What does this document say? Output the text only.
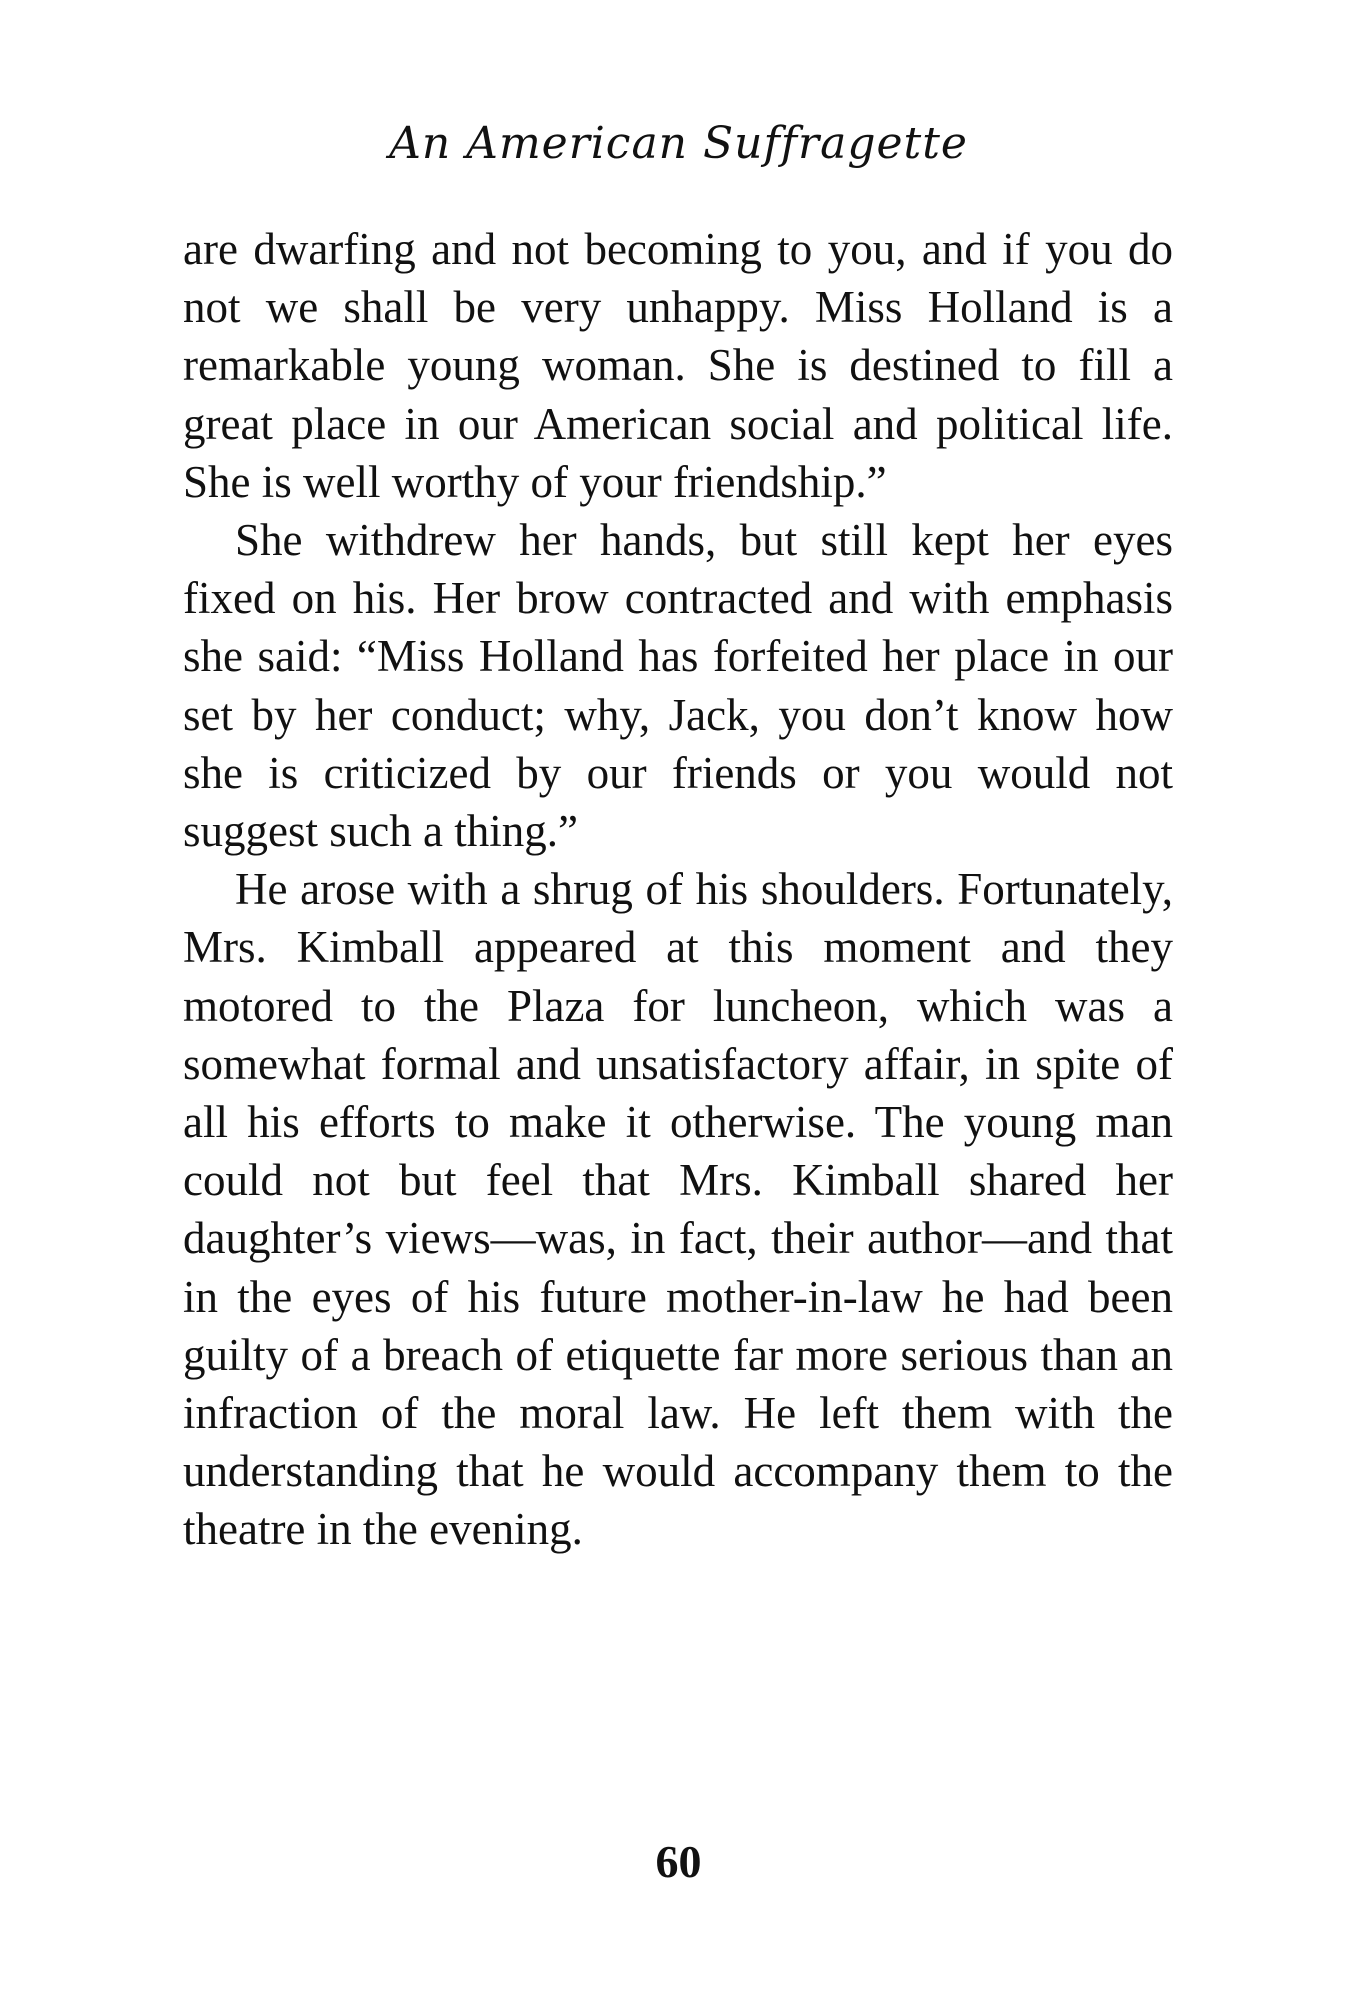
An American Suffragette

are dwarfing and not becoming to you, and if you do not we shall be very unhappy. Miss Holland is a remarkable young woman. She is destined to fill a great place in our American social and political life. She is well worthy of your friendship.”

She withdrew her hands, but still kept her eyes fixed on his. Her brow contracted and with emphasis she said: “Miss Holland has forfeited her place in our set by her conduct; why, Jack, you don’t know how she is criticized by our friends or you would not suggest such a thing.”

He arose with a shrug of his shoulders. Fortunately, Mrs. Kimball appeared at this moment and they motored to the Plaza for luncheon, which was a somewhat formal and unsatisfactory affair, in spite of all his efforts to make it otherwise. The young man could not but feel that Mrs. Kimball shared her daughter’s views—was, in fact, their author—and that in the eyes of his future mother-in-law he had been guilty of a breach of etiquette far more serious than an infraction of the moral law. He left them with the understanding that he would accompany them to the theatre in the evening.

60
